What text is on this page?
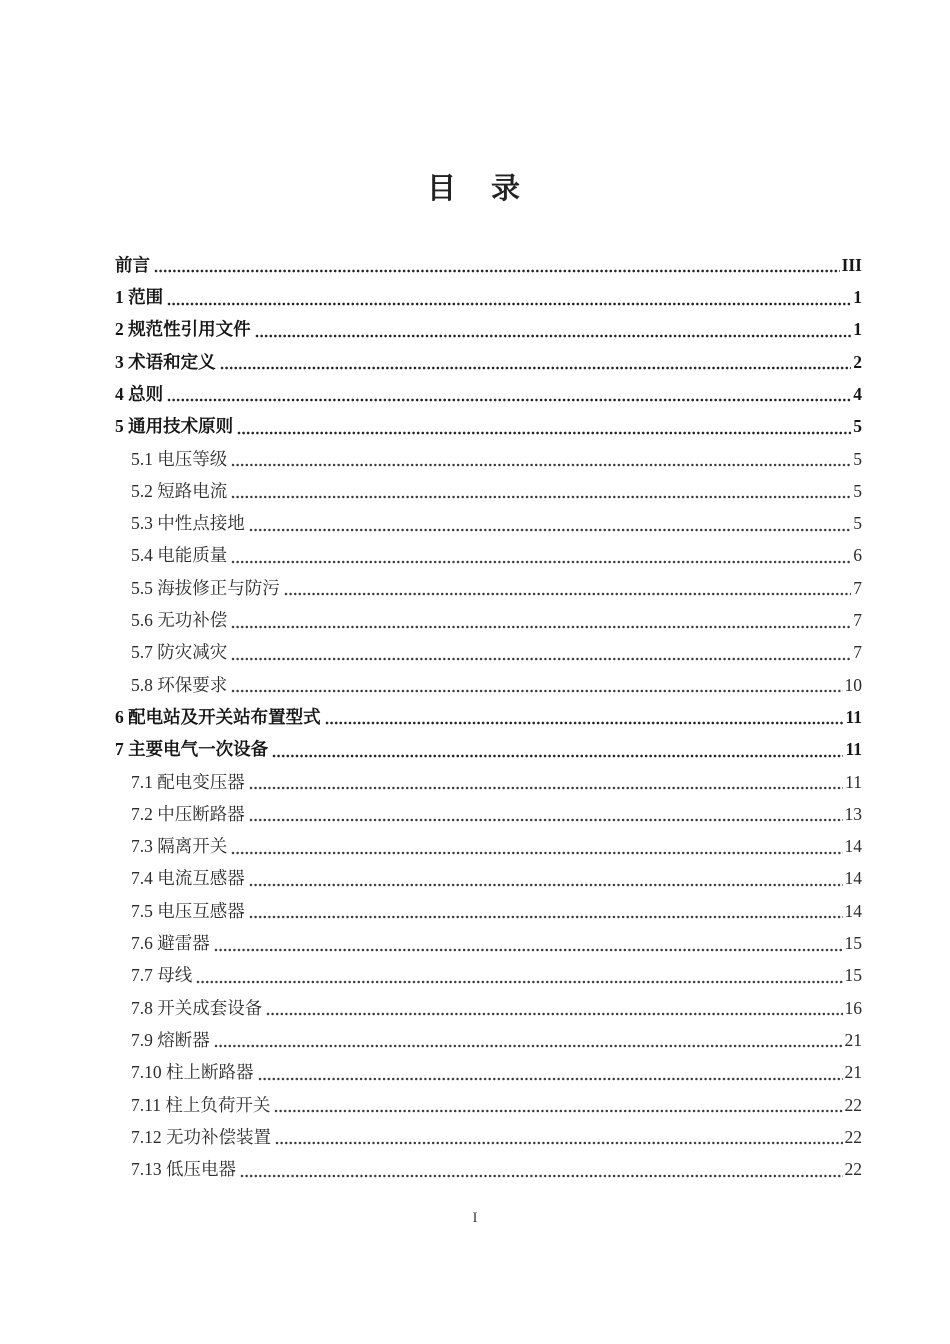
目　录
前言	III
1 范围	1
2 规范性引用文件	1
3 术语和定义	2
4 总则	4
5 通用技术原则	5
5.1 电压等级	5
5.2 短路电流	5
5.3 中性点接地	5
5.4 电能质量	6
5.5 海拔修正与防污	7
5.6 无功补偿	7
5.7 防灾减灾	7
5.8 环保要求	10
6 配电站及开关站布置型式	11
7 主要电气一次设备	11
7.1 配电变压器	11
7.2 中压断路器	13
7.3 隔离开关	14
7.4 电流互感器	14
7.5 电压互感器	14
7.6 避雷器	15
7.7 母线	15
7.8 开关成套设备	16
7.9 熔断器	21
7.10 柱上断路器	21
7.11 柱上负荷开关	22
7.12 无功补偿装置	22
7.13 低压电器	22
I
